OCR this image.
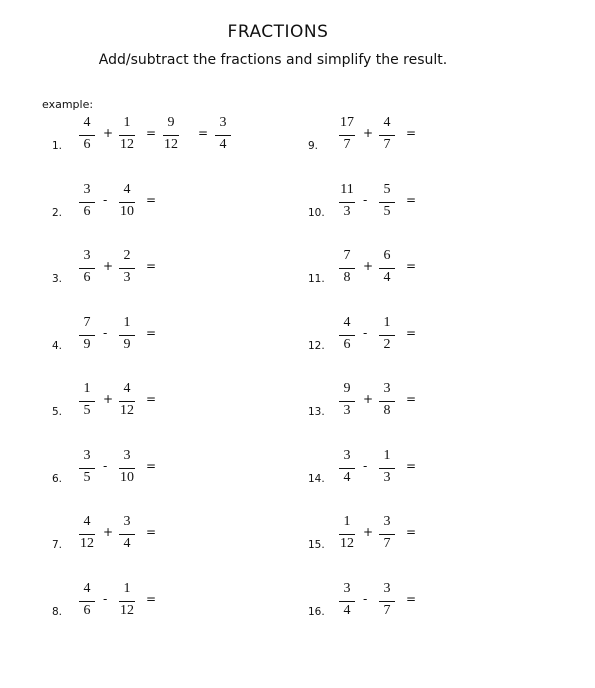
FRACTIONS
Add/subtract the fractions and simplify the result.
example:
1.
4
6
+
1
12
=
9
12
=
3
4
2.
3
6
-
4
10
=
3.
3
6
+
2
3
=
4.
7
9
-
1
9
=
5.
1
5
+
4
12
=
6.
3
5
-
3
10
=
7.
4
12
+
3
4
=
8.
4
6
-
1
12
=
9.
17
7
+
4
7
=
10.
11
3
-
5
5
=
11.
7
8
+
6
4
=
12.
4
6
-
1
2
=
13.
9
3
+
3
8
=
14.
3
4
-
1
3
=
15.
1
12
+
3
7
=
16.
3
4
-
3
7
=
